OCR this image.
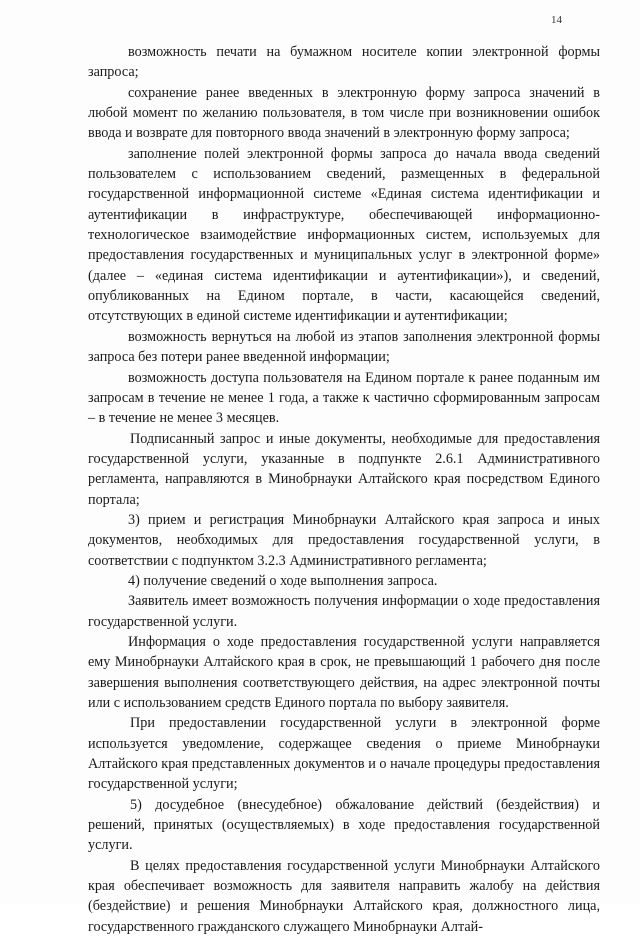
14

возможность печати на бумажном носителе копии электронной формы запроса;

сохранение ранее введенных в электронную форму запроса значений в любой момент по желанию пользователя, в том числе при возникновении ошибок ввода и возврате для повторного ввода значений в электронную форму запроса;

заполнение полей электронной формы запроса до начала ввода сведений пользователем с использованием сведений, размещенных в федеральной государственной информационной системе «Единая система идентификации и аутентификации в инфраструктуре, обеспечивающей информационно-технологическое взаимодействие информационных систем, используемых для предоставления государственных и муниципальных услуг в электронной форме» (далее – «единая система идентификации и аутентификации»), и сведений, опубликованных на Едином портале, в части, касающейся сведений, отсутствующих в единой системе идентификации и аутентификации;

возможность вернуться на любой из этапов заполнения электронной формы запроса без потери ранее введенной информации;

возможность доступа пользователя на Едином портале к ранее поданным им запросам в течение не менее 1 года, а также к частично сформированным запросам – в течение не менее 3 месяцев.

Подписанный запрос и иные документы, необходимые для предоставления государственной услуги, указанные в подпункте 2.6.1 Административного регламента, направляются в Минобрнауки Алтайского края посредством Единого портала;

3) прием и регистрация Минобрнауки Алтайского края запроса и иных документов, необходимых для предоставления государственной услуги, в соответствии с подпунктом 3.2.3 Административного регламента;

4) получение сведений о ходе выполнения запроса.

Заявитель имеет возможность получения информации о ходе предоставления государственной услуги.

Информация о ходе предоставления государственной услуги направляется ему Минобрнауки Алтайского края в срок, не превышающий 1 рабочего дня после завершения выполнения соответствующего действия, на адрес электронной почты или с использованием средств Единого портала по выбору заявителя.

При предоставлении государственной услуги в электронной форме используется уведомление, содержащее сведения о приеме Минобрнауки Алтайского края представленных документов и о начале процедуры предоставления государственной услуги;

5) досудебное (внесудебное) обжалование действий (бездействия) и решений, принятых (осуществляемых) в ходе предоставления государственной услуги.

В целях предоставления государственной услуги Минобрнауки Алтайского края обеспечивает возможность для заявителя направить жалобу на действия (бездействие) и решения Минобрнауки Алтайского края, должностного лица, государственного гражданского служащего Минобрнауки Алтай-
